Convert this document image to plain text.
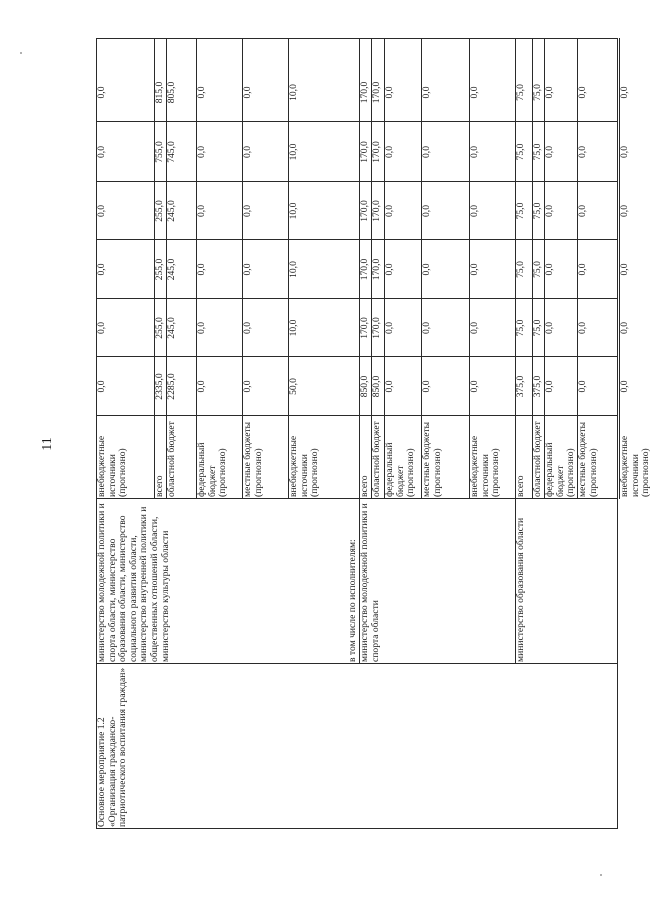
11
Основное мероприятие 1.2 «Организация гражданско-патриотического воспитания граждан»
министерство молодежной политики и спорта области, министерство образования области, министерство социального развития области, министерство внутренней политики и общественных отношений области, министерство культуры области
внебюджетные источники (прогнозно)
0,0
0,0
0,0
0,0
0,0
0,0
всего
2335,0
255,0
255,0
255,0
755,0
815,0
областной бюджет
2285,0
245,0
245,0
245,0
745,0
805,0
федеральный бюджет (прогнозно)
0,0
0,0
0,0
0,0
0,0
0,0
местные бюджеты (прогнозно)
0,0
0,0
0,0
0,0
0,0
0,0
внебюджетные источники (прогнозно)
50,0
10,0
10,0
10,0
10,0
10,0
в том числе по исполнителям: министерство молодежной политики и спорта области
всего
850,0
170,0
170,0
170,0
170,0
170,0
областной бюджет
850,0
170,0
170,0
170,0
170,0
170,0
федеральный бюджет (прогнозно)
0,0
0,0
0,0
0,0
0,0
0,0
местные бюджеты (прогнозно)
0,0
0,0
0,0
0,0
0,0
0,0
внебюджетные источники (прогнозно)
0,0
0,0
0,0
0,0
0,0
0,0
министерство образования области
всего
375,0
75,0
75,0
75,0
75,0
75,0
областной бюджет
375,0
75,0
75,0
75,0
75,0
75,0
федеральный бюджет (прогнозно)
0,0
0,0
0,0
0,0
0,0
0,0
местные бюджеты (прогнозно)
0,0
0,0
0,0
0,0
0,0
0,0
внебюджетные источники (прогнозно)
0,0
0,0
0,0
0,0
0,0
0,0
